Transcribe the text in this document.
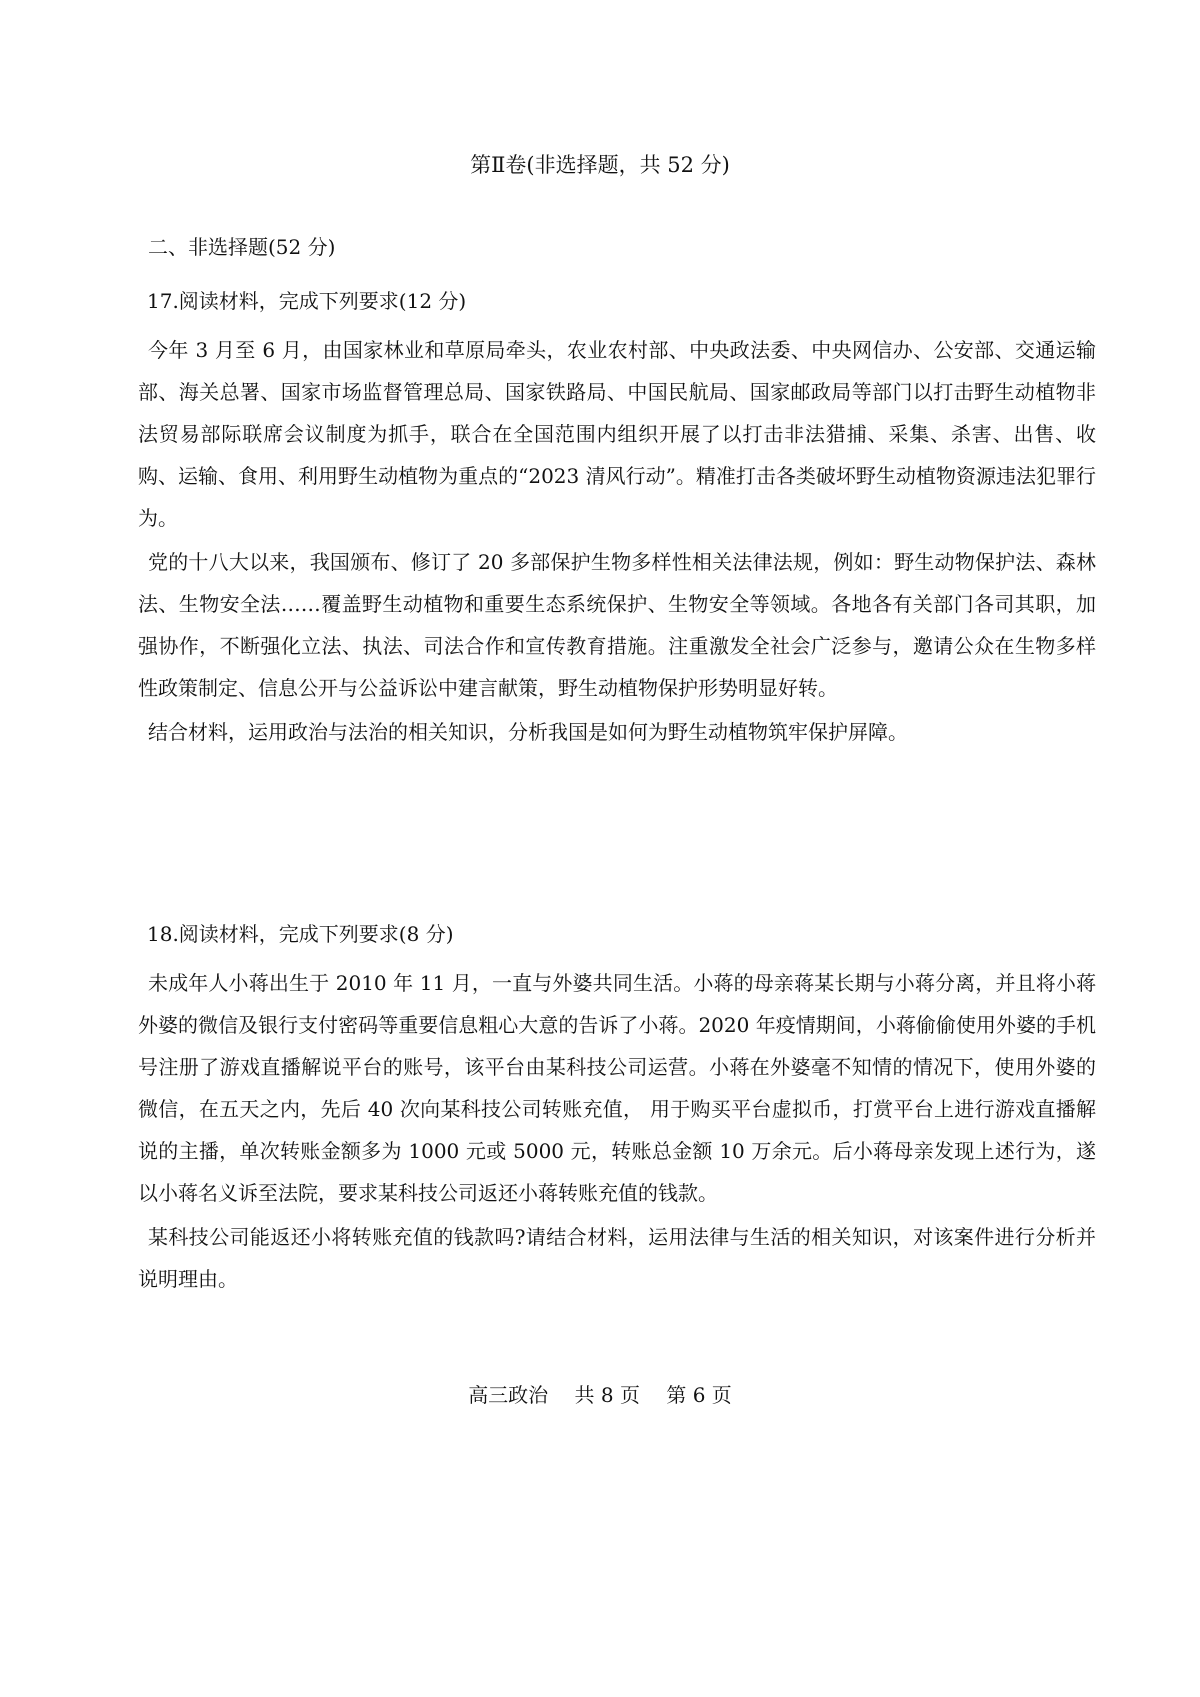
第Ⅱ卷(非选择题，共 52 分)
二、非选择题(52 分)
17.阅读材料，完成下列要求(12 分)

今年 3 月至 6 月，由国家林业和草原局牵头，农业农村部、中央政法委、中央网信办、公安部、交通运输部、海关总署、国家市场监督管理总局、国家铁路局、中国民航局、国家邮政局等部门以打击野生动植物非法贸易部际联席会议制度为抓手，联合在全国范围内组织开展了以打击非法猎捕、采集、杀害、出售、收购、运输、食用、利用野生动植物为重点的“2023 清风行动”。精准打击各类破坏野生动植物资源违法犯罪行为。

党的十八大以来，我国颁布、修订了 20 多部保护生物多样性相关法律法规，例如：野生动物保护法、森林法、生物安全法……覆盖野生动植物和重要生态系统保护、生物安全等领域。各地各有关部门各司其职，加强协作，不断强化立法、执法、司法合作和宣传教育措施。注重激发全社会广泛参与，邀请公众在生物多样性政策制定、信息公开与公益诉讼中建言献策，野生动植物保护形势明显好转。

结合材料，运用政治与法治的相关知识，分析我国是如何为野生动植物筑牢保护屏障。

18.阅读材料，完成下列要求(8 分)

未成年人小蒋出生于 2010 年 11 月，一直与外婆共同生活。小蒋的母亲蒋某长期与小蒋分离，并且将小蒋外婆的微信及银行支付密码等重要信息粗心大意的告诉了小蒋。2020 年疫情期间，小蒋偷偷使用外婆的手机号注册了游戏直播解说平台的账号，该平台由某科技公司运营。小蒋在外婆毫不知情的情况下，使用外婆的微信，在五天之内，先后 40 次向某科技公司转账充值， 用于购买平台虚拟币，打赏平台上进行游戏直播解说的主播，单次转账金额多为 1000 元或 5000 元，转账总金额 10 万余元。后小蒋母亲发现上述行为，遂以小蒋名义诉至法院，要求某科技公司返还小蒋转账充值的钱款。

某科技公司能返还小将转账充值的钱款吗?请结合材料，运用法律与生活的相关知识，对该案件进行分析并说明理由。

高三政治 共 8 页 第 6 页
